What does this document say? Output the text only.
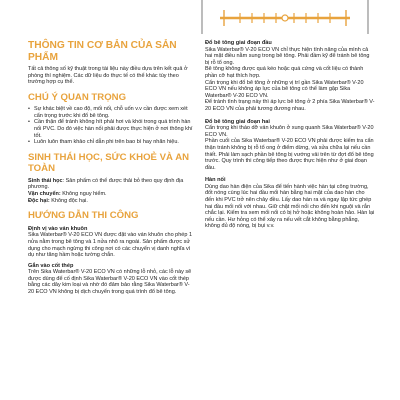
THÔNG TIN CƠ BẢN CỦA SẢN PHẨM

Tất cả thông số kỹ thuật trong tài liệu này điều dựa trên kết quả ở phòng thí nghiệm. Các dữ liệu đo thực tế có thể khác tùy theo trường hợp cụ thể.

CHÚ Ý QUAN TRỌNG
• Sự khác biệt về cao độ, mối nối, chỗ uốn v.v cần được xem xét cẩn trọng trước khi đổ bê tông.
• Cần thận để tránh không hít phải hơi và khói trong quá trình hàn nối PVC. Do đó việc hàn nối phải được thực hiện ở nơi thông khí tốt.
• Luôn luôn tham khảo chỉ dẫn phi trên bao bì hay nhãn hiệu.
SINH THÁI HỌC, SỨC KHOẺ VÀ AN TOÀN

Sinh thái học: Sản phẩm có thể được thải bỏ theo quy định địa phương.

Vận chuyển: Không nguy hiểm.

Độc hại: Không độc hại.

HƯỚNG DẪN THI CÔNG

Định vị vào ván khuôn

Sika Waterbar® V-20 ECO VN được đặt vào ván khuôn cho phép 1 nửa nằm trong bê tông và 1 nửa nhô ra ngoài. Sản phẩm được sử dụng cho mạch ngừng thi công nơi có các chuyển vị danh nghĩa vì dụ như tăng hầm hoặc tường chắn.

Gắn vào cốt thép

Trên Sika Waterbar® V-20 ECO VN có những lỗ nhỏ, các lỗ này sẽ được dùng để cố định Sika Waterbar® V-20 ECO VN vào cốt thép bằng các dây kim loại và nhờ đó đảm bảo rằng Sika Waterbar® V-20 ECO VN không bị dịch chuyển trong quá trình đổ bê tông.

Đổ bê tông giai đoạn đầu

Sika Waterbar® V-20 ECO VN chỉ thực hiện tính năng của mình cả hai mặt điều nằm sung trong bê tông. Phải đầm kỹ để tránh bê tông bị rỗ tổ ong.

Bê tông không được quá kéo hoặc quá cứng và cốt liệu có thành phần cỡ hạt thích hợp.

Cẩn trọng khi đổ bê tông ở những vị trí gần Sika Waterbar® V-20 ECO VN nếu không áp lực của bê tông có thể làm gập Sika Waterbar® V-20 ECO VN.

Để tránh tình trạng này thì áp lực bê tông ở 2 phía Sika Waterbar® V-20 ECO VN của phải tương đương nhau.

Đổ bê tông giai đoạn hai

Cẩn trọng khi tháo dỡ ván khuôn ở xung quanh Sika Waterbar® V-20 ECO VN.

Phần cuối của Sika Waterbar® V-20 ECO VN phải được kiểm tra cẩn thận tránh không bị rỗ tổ ong ở điểm dừng, và sửa chữa lại nếu cần thiết. Phải làm sạch phần bê tông bị vướng vải trên từ đợt đổ bê tông trước. Quy trình thi công tiếp theo được thực hiện như ở giai đoạn đầu.

Hàn nối

Dùng dao hàn điện của Sika để tiến hành việc hàn tại công trường, đốt nóng cùng lúc hai đầu mối hàn bằng hai mặt của dao hàn cho đến khi PVC trở nên chảy đều. Lấy dao hàn ra và ngay lập tức ghép hai đầu mối nối với nhau. Giữ chặt mối nối cho đến khi nguội và rắn chắc lại. Kiểm tra xem mối nối có bị hở hoặc không hoàn hảo. Hàn lại nếu cần. Hư hỏng có thể xảy ra nếu vết cắt không bằng phẳng, không đủ độ nóng, bị bụi v.v.
